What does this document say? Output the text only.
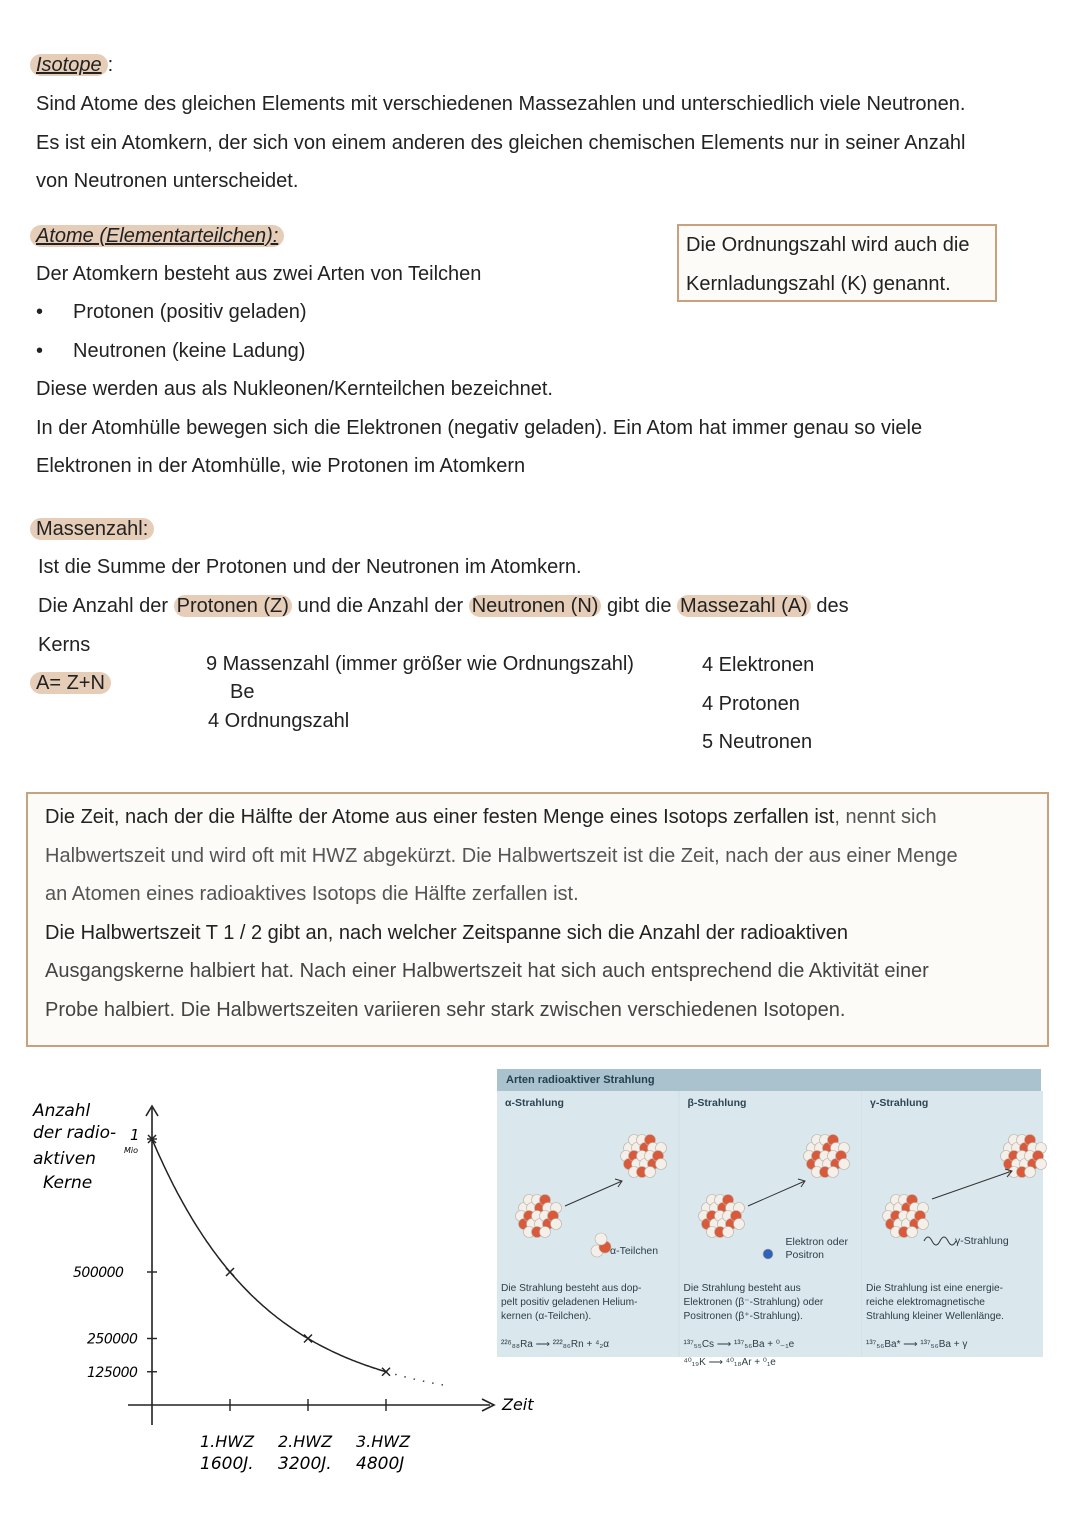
Isotope :
Sind Atome des gleichen Elements mit verschiedenen Massezahlen und unterschiedlich viele Neutronen.
Es ist ein Atomkern, der sich von einem anderen des gleichen chemischen Elements nur in seiner Anzahl
von Neutronen unterscheidet.
Atome (Elementarteilchen):
Der Atomkern besteht aus zwei Arten von Teilchen
• Protonen (positiv geladen)
• Neutronen (keine Ladung)
Diese werden aus als Nukleonen/Kernteilchen bezeichnet.
In der Atomhülle bewegen sich die Elektronen (negativ geladen). Ein Atom hat immer genau so viele
Elektronen in der Atomhülle, wie Protonen im Atomkern
Die Ordnungszahl wird auch die
Kernladungszahl (K) genannt.
Massenzahl:
Ist die Summe der Protonen und der Neutronen im Atomkern.
Die Anzahl der Protonen (Z) und die Anzahl der Neutronen (N) gibt die Massezahl (A) des
Kerns
A= Z+N
9 Massenzahl (immer größer wie Ordnungszahl)
Be
4 Ordnungszahl
4 Elektronen
4 Protonen
5 Neutronen
Die Zeit, nach der die Hälfte der Atome aus einer festen Menge eines Isotops zerfallen ist, nennt sich
Halbwertszeit und wird oft mit HWZ abgekürzt. Die Halbwertszeit ist die Zeit, nach der aus einer Menge
an Atomen eines radioaktives Isotops die Hälfte zerfallen ist.
Die Halbwertszeit T 1 / 2 gibt an, nach welcher Zeitspanne sich die Anzahl der radioaktiven
Ausgangskerne halbiert hat. Nach einer Halbwertszeit hat sich auch entsprechend die Aktivität einer
Probe halbiert. Die Halbwertszeiten variieren sehr stark zwischen verschiedenen Isotopen.
1
Mio
500000
250000
125000
1.HWZ
1600J.
2.HWZ
3200J.
3.HWZ
4800J
Anzahl
der radio-
aktiven
Kerne
Zeit
Arten radioaktiver Strahlung
α-Strahlung
α-Teilchen
Die Strahlung besteht aus dop-
pelt positiv geladenen Helium-
kernen (α-Teilchen).
²²⁶₈₈Ra ⟶ ²²²₈₆Rn + ⁴₂α
β-Strahlung
Elektron oder Positron
Die Strahlung besteht aus
Elektronen (β⁻-Strahlung) oder
Positronen (β⁺-Strahlung).
¹³⁷₅₅Cs ⟶ ¹³⁷₅₆Ba + ⁰₋₁e
⁴⁰₁₉K ⟶ ⁴⁰₁₈Ar + ⁰₁e
γ-Strahlung
γ-Strahlung
Die Strahlung ist eine energie-
reiche elektromagnetische
Strahlung kleiner Wellenlänge.
¹³⁷₅₆Ba* ⟶ ¹³⁷₅₆Ba + γ
